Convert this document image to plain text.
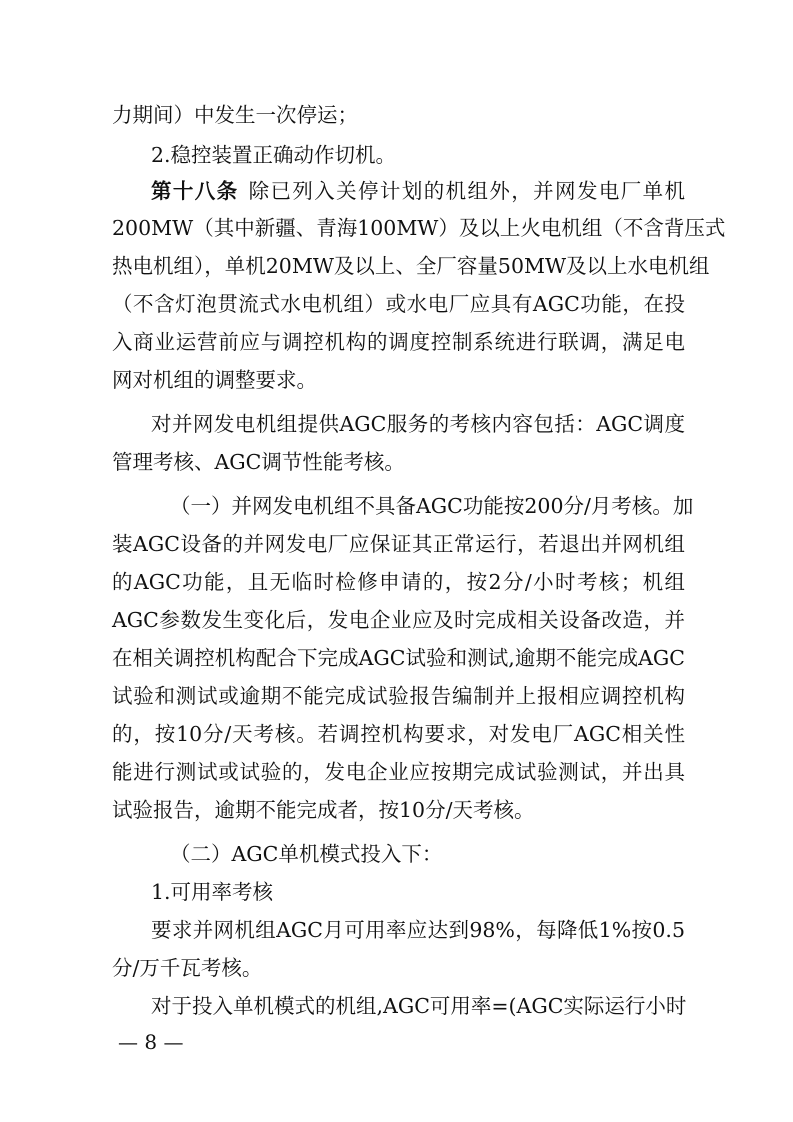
力期间）中发生一次停运；
2.稳控装置正确动作切机。
第十八条 除已列入关停计划的机组外，并网发电厂单机
200MW（其中新疆、青海100MW）及以上火电机组（不含背压式
热电机组），单机20MW及以上、全厂容量50MW及以上水电机组
（不含灯泡贯流式水电机组）或水电厂应具有AGC功能，在投
入商业运营前应与调控机构的调度控制系统进行联调，满足电
网对机组的调整要求。
对并网发电机组提供AGC服务的考核内容包括：AGC调度
管理考核、AGC调节性能考核。
（一）并网发电机组不具备AGC功能按200分/月考核。加
装AGC设备的并网发电厂应保证其正常运行，若退出并网机组
的AGC功能，且无临时检修申请的，按2分/小时考核；机组
AGC参数发生变化后，发电企业应及时完成相关设备改造，并
在相关调控机构配合下完成AGC试验和测试,逾期不能完成AGC
试验和测试或逾期不能完成试验报告编制并上报相应调控机构
的，按10分/天考核。若调控机构要求，对发电厂AGC相关性
能进行测试或试验的，发电企业应按期完成试验测试，并出具
试验报告，逾期不能完成者，按10分/天考核。
（二）AGC单机模式投入下：
1.可用率考核
要求并网机组AGC月可用率应达到98%，每降低1%按0.5
分/万千瓦考核。
对于投入单机模式的机组,AGC可用率=(AGC实际运行小时
— 8 —
